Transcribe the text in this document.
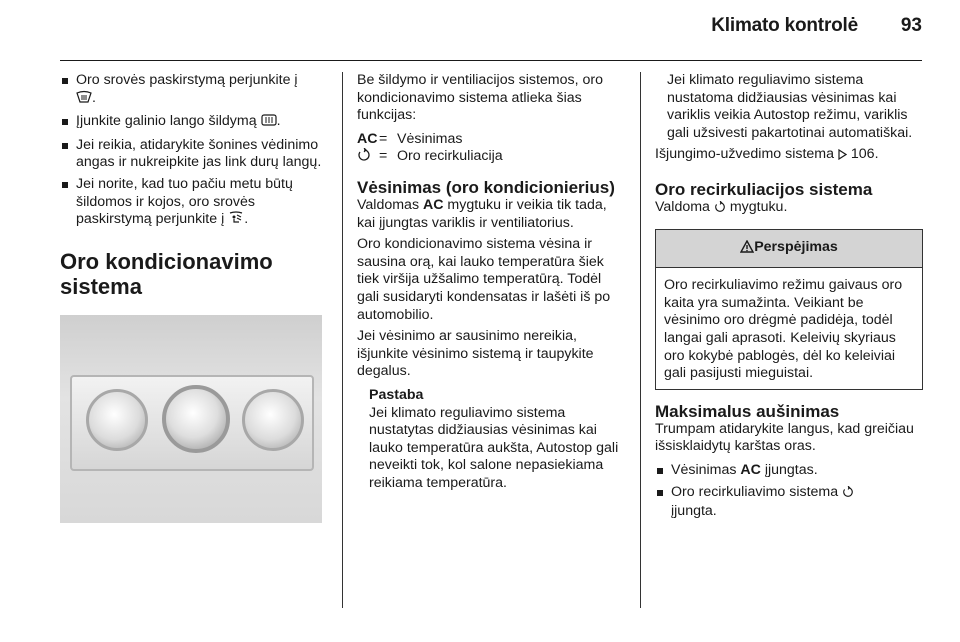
Klimato kontrolė 93
Oro srovės paskirstymą perjunkite į
.
Įjunkite galinio lango šildymą .
Jei reikia, atidarykite šonines vėdinimo angas ir nukreipkite jas link durų langų.
Jei norite, kad tuo pačiu metu būtų šildomos ir kojos, oro srovės paskirstymą perjunkite į .
Oro kondicionavimo sistema

Be šildymo ir ventiliacijos sistemos, oro kondicionavimo sistema atlieka šias funkcijas:

AC = Vėsinimas
= Oro recirkuliacija
Vėsinimas (oro kondicionierius)

Valdomas AC mygtuku ir veikia tik tada, kai įjungtas variklis ir ventiliatorius.

Oro kondicionavimo sistema vėsina ir sausina orą, kai lauko temperatūra šiek tiek viršija užšalimo temperatūrą. Todėl gali susidaryti kondensatas ir lašėti iš po automobilio.

Jei vėsinimo ar sausinimo nereikia, išjunkite vėsinimo sistemą ir taupykite degalus.

Pastaba
Jei klimato reguliavimo sistema nustatytas didžiausias vėsinimas kai lauko temperatūra aukšta, Autostop gali neveikti tok, kol salone nepasiekiama reikiama temperatūra.
Jei klimato reguliavimo sistema nustatoma didžiausias vėsinimas kai variklis veikia Autostop režimu, variklis gali užsivesti pakartotinai automatiškai.

Išjungimo-užvedimo sistema 106.

Oro recirkuliacijos sistema

Valdoma  mygtuku.

Perspėjimas
Oro recirkuliavimo režimu gaivaus oro kaita yra sumažinta. Veikiant be vėsinimo oro drėgmė padidėja, todėl langai gali aprasoti. Keleivių skyriaus oro kokybė pablogės, dėl ko keleiviai gali pasijusti mieguistai.
Maksimalus aušinimas

Trumpam atidarykite langus, kad greičiau išsisklaidytų karštas oras.

Vėsinimas AC įjungtas.
Oro recirkuliavimo sistema
įjungta.
